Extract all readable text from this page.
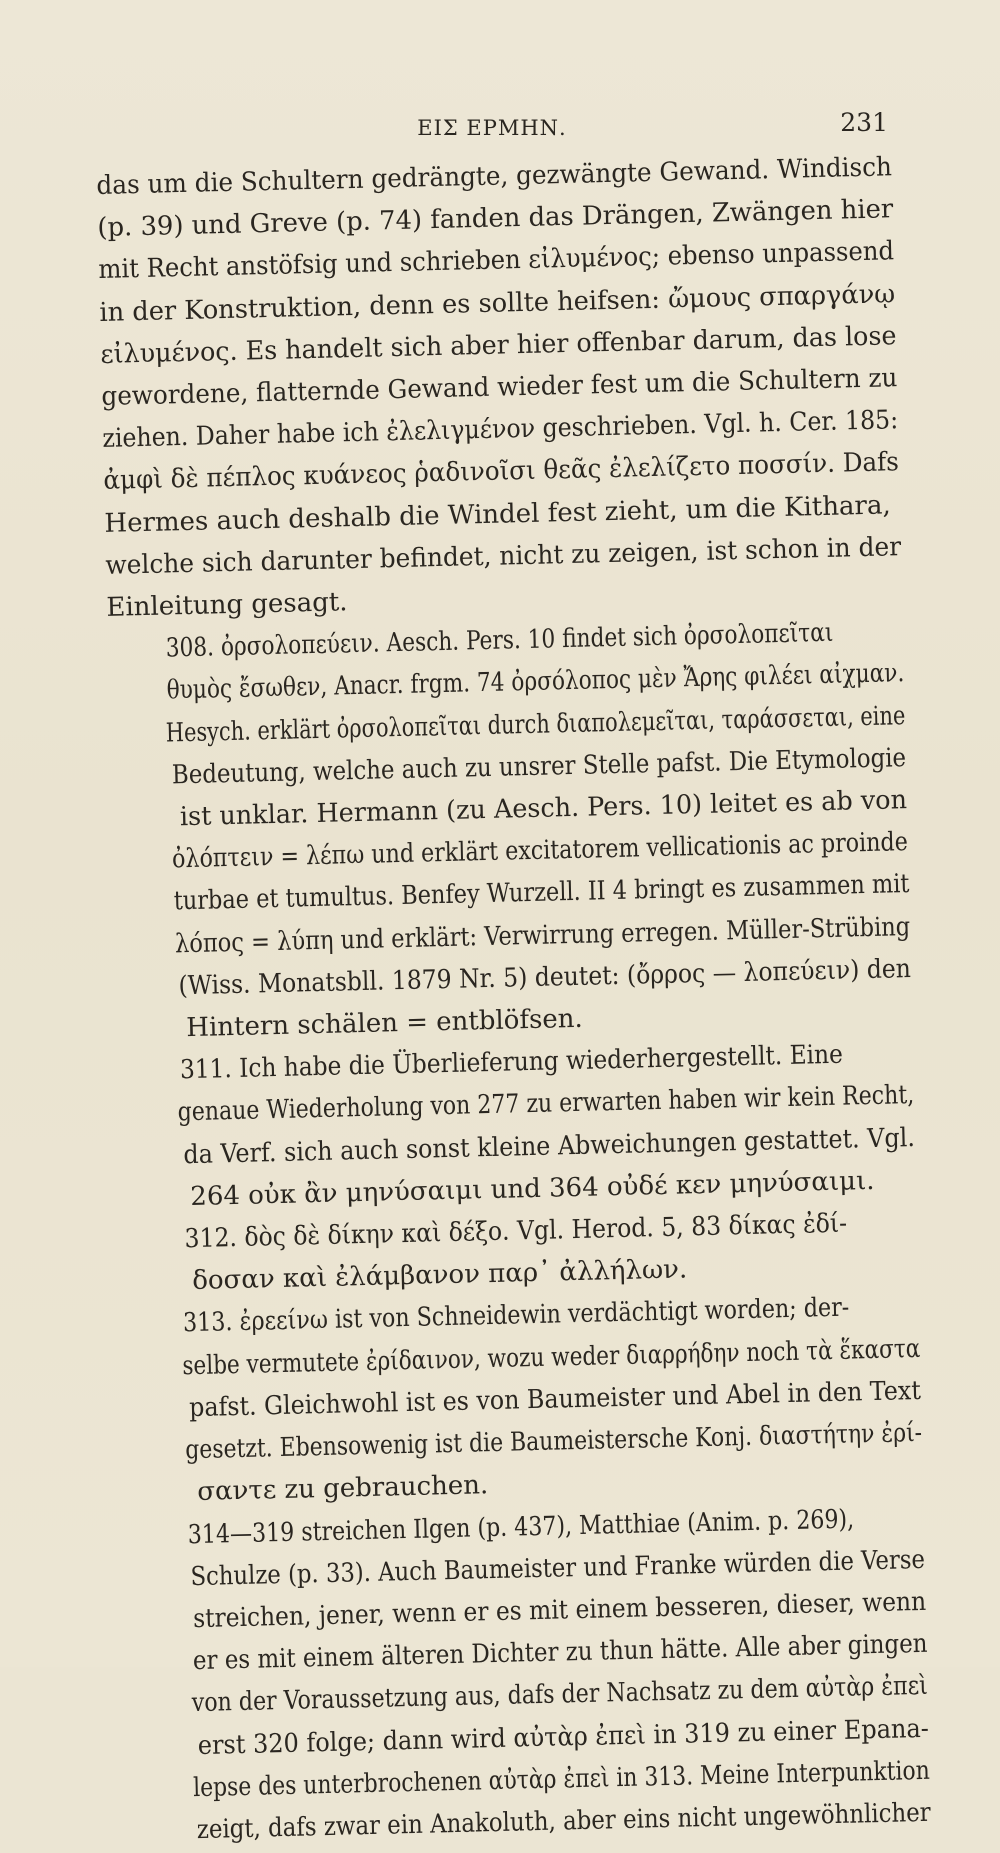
ΕΙΣ ΕΡΜΗΝ.	231
das um die Schultern gedrängte, gezwängte Gewand. Windisch
(p. 39) und Greve (p. 74) fanden das Drängen, Zwängen hier
mit Recht anstöfsig und schrieben εἰλυμένος; ebenso unpassend
in der Konstruktion, denn es sollte heifsen: ὤμους σπαργάνῳ
εἰλυμένος. Es handelt sich aber hier offenbar darum, das lose
gewordene, flatternde Gewand wieder fest um die Schultern zu
ziehen. Daher habe ich ἐλελιγμένον geschrieben. Vgl. h. Cer. 185:
ἀμφὶ δὲ πέπλος κυάνεος ῥαδινοῖσι θεᾶς ἐλελίζετο ποσσίν. Dafs
Hermes auch deshalb die Windel fest zieht, um die Kithara,
welche sich darunter befindet, nicht zu zeigen, ist schon in der
Einleitung gesagt.
308. ὀρσολοπεύειν. Aesch. Pers. 10 findet sich ὀρσολοπεῖται
θυμὸς ἔσωθεν, Anacr. frgm. 74 ὀρσόλοπος μὲν Ἄρης φιλέει αἰχμαν.
Hesych. erklärt ὀρσολοπεῖται durch διαπολεμεῖται, ταράσσεται, eine
Bedeutung, welche auch zu unsrer Stelle pafst. Die Etymologie
ist unklar. Hermann (zu Aesch. Pers. 10) leitet es ab von
ὀλόπτειν = λέπω und erklärt excitatorem vellicationis ac proinde
turbae et tumultus. Benfey Wurzell. II 4 bringt es zusammen mit
λόπος = λύπη und erklärt: Verwirrung erregen. Müller-Strübing
(Wiss. Monatsbll. 1879 Nr. 5) deutet: (ὄρρος — λοπεύειν) den
Hintern schälen = entblöfsen.
311. Ich habe die Überlieferung wiederhergestellt. Eine
genaue Wiederholung von 277 zu erwarten haben wir kein Recht,
da Verf. sich auch sonst kleine Abweichungen gestattet. Vgl.
264 οὐκ ἂν μηνύσαιμι und 364 οὐδέ κεν μηνύσαιμι.
312. δὸς δὲ δίκην καὶ δέξο. Vgl. Herod. 5, 83 δίκας ἐδί-
δοσαν καὶ ἐλάμβανον παρ᾽ ἀλλήλων.
313. ἐρεείνω ist von Schneidewin verdächtigt worden; der-
selbe vermutete ἐρίδαινον, wozu weder διαρρήδην noch τὰ ἕκαστα
pafst. Gleichwohl ist es von Baumeister und Abel in den Text
gesetzt. Ebensowenig ist die Baumeistersche Konj. διαστήτην ἐρί-
σαντε zu gebrauchen.
314—319 streichen Ilgen (p. 437), Matthiae (Anim. p. 269),
Schulze (p. 33). Auch Baumeister und Franke würden die Verse
streichen, jener, wenn er es mit einem besseren, dieser, wenn
er es mit einem älteren Dichter zu thun hätte. Alle aber gingen
von der Voraussetzung aus, dafs der Nachsatz zu dem αὐτὰρ ἐπεὶ
erst 320 folge; dann wird αὐτὰρ ἐπεὶ in 319 zu einer Epana-
lepse des unterbrochenen αὐτὰρ ἐπεὶ in 313. Meine Interpunktion
zeigt, dafs zwar ein Anakoluth, aber eins nicht ungewöhnlicher
